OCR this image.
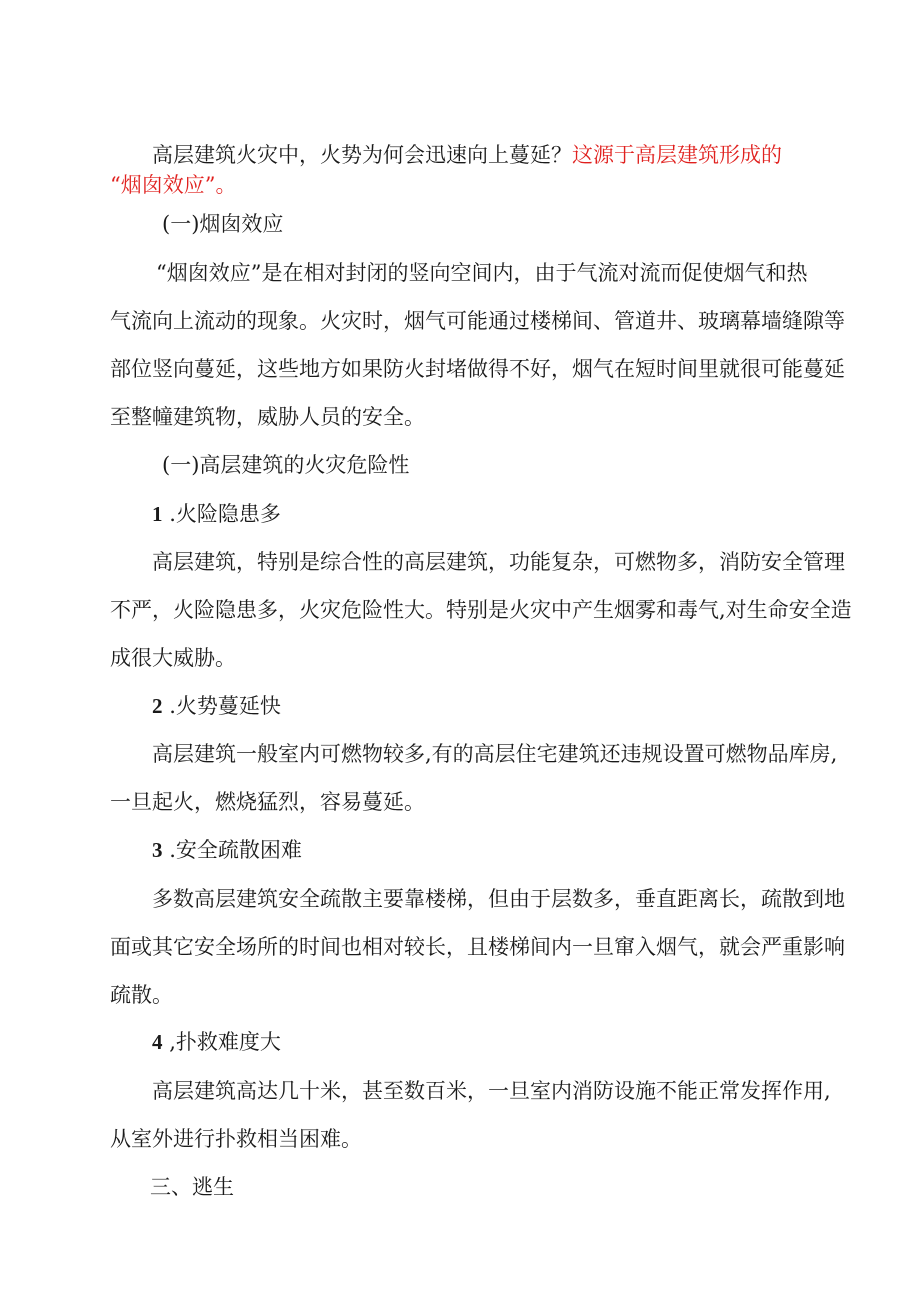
高层建筑火灾中，火势为何会迅速向上蔓延？这源于高层建筑形成的
“烟囱效应”。
(一)烟囱效应
“烟囱效应”是在相对封闭的竖向空间内，由于气流对流而促使烟气和热
气流向上流动的现象。火灾时，烟气可能通过楼梯间、管道井、玻璃幕墙缝隙等
部位竖向蔓延，这些地方如果防火封堵做得不好，烟气在短时间里就很可能蔓延
至整幢建筑物，威胁人员的安全。
(一)高层建筑的火灾危险性
1 .火险隐患多
高层建筑，特别是综合性的高层建筑，功能复杂，可燃物多，消防安全管理
不严，火险隐患多，火灾危险性大。特别是火灾中产生烟雾和毒气,对生命安全造
成很大威胁。
2 .火势蔓延快
高层建筑一般室内可燃物较多,有的高层住宅建筑还违规设置可燃物品库房,
一旦起火，燃烧猛烈，容易蔓延。
3 .安全疏散困难
多数高层建筑安全疏散主要靠楼梯，但由于层数多，垂直距离长，疏散到地
面或其它安全场所的时间也相对较长，且楼梯间内一旦窜入烟气，就会严重影响
疏散。
4 ,扑救难度大
高层建筑高达几十米，甚至数百米，一旦室内消防设施不能正常发挥作用,
从室外进行扑救相当困难。
三、逃生
